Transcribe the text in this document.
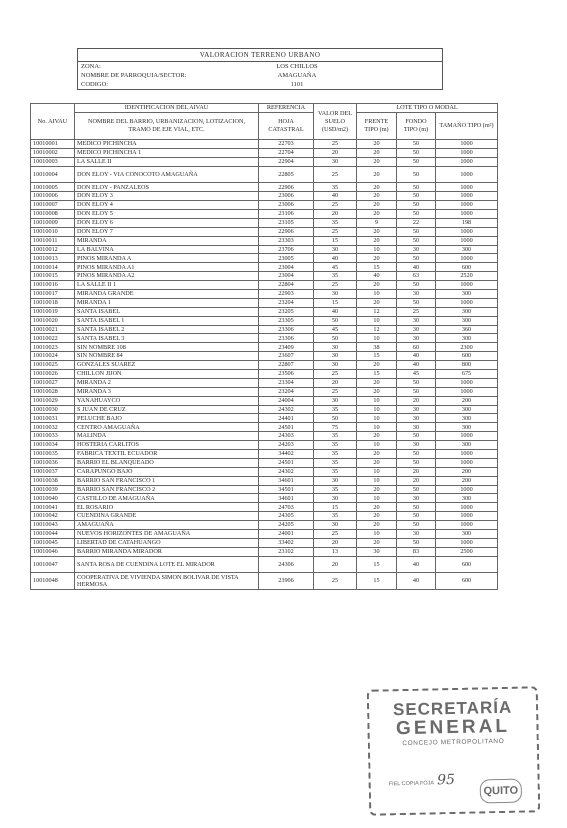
VALORACION TERRENO URBANO
ZONA:	LOS CHILLOS
NOMBRE DE PARROQUIA/SECTOR:	AMAGUAÑA
CODIGO:	1101
No. AIVAU	IDENTIFICACION DEL AIVAU	REFERENCIA	VALOR DEL SUELO (USD/m2)	LOTE TIPO O MODAL		
	NOMBRE DEL BARRIO, URBANIZACION, LOTIZACION, TRAMO DE EJE VIAL, ETC.	HOJA CATASTRAL		FRENTE TIPO (m)	FONDO TIPO (m)	TAMAÑO TIPO (m²)
10010001	MEDICO PICHINCHA	22703	25	20	50	1000
10010002	MEDICO PICHINCHA 1	22704	20	20	50	1000
10010003	LA SALLE II	22904	30	20	50	1000
10010004	DON ELOY - VIA CONOCOTO AMAGUAÑA	22805	25	20	50	1000
10010005	DON ELOY - PANZALEOS	22906	35	20	50	1000
10010006	DON ELOY 3	23006	40	20	50	1000
10010007	DON ELOY 4	23006	25	20	50	1000
10010008	DON ELOY 5	23106	20	20	50	1000
10010009	DON ELOY 6	23105	35	9	22	198
10010010	DON ELOY 7	22906	25	20	50	1000
10010011	MIRANDA	23303	15	20	50	1000
10010012	LA BALVINA	23706	30	10	30	300
10010013	PINOS MIRANDA A	23005	40	20	50	1000
10010014	PINOS MIRANDA A1	23004	45	15	40	600
10010015	PINOS MIRANDA A2	23004	35	40	63	2520
10010016	LA SALLE II 1	22804	25	20	50	1000
10010017	MIRANDA GRANDE	22903	30	10	30	300
10010018	MIRANDA 1	23204	15	20	50	1000
10010019	SANTA ISABEL	23205	40	12	25	300
10010020	SANTA ISABEL 1	23305	50	10	30	300
10010021	SANTA ISABEL 2	23306	45	12	30	360
10010022	SANTA ISABEL 3	23306	50	10	30	300
10010023	SIN NOMBRE 108	23409	30	38	60	2300
10010024	SIN NOMBRE 84	23607	30	15	40	600
10010025	GONZALES SUAREZ	22807	30	20	40	800
10010026	CHILLON JIJON	23506	25	15	45	675
10010027	MIRANDA 2	23304	20	20	50	1000
10010028	MIRANDA 3	23204	25	20	50	1000
10010029	YANAHUAYCO	24004	30	10	20	200
10010030	S JUAN DE CRUZ	24302	35	10	30	300
10010031	PELUCHE BAJO	24401	50	10	30	300
10010032	CENTRO AMAGUAÑA	24501	75	10	30	300
10010033	MALINDA	24303	35	20	50	1000
10010034	HOSTERIA CARLITOS	24203	35	10	30	300
10010035	FABRICA TEXTIL ECUADOR	34402	35	20	50	1000
10010036	BARRIO EL BLANQUEADO	24501	35	20	50	1000
10010037	CARAPUNGO BAJO	24302	35	10	20	200
10010038	BARRIO SAN FRANCISCO 1	34601	30	10	20	200
10010039	BARRIO SAN FRANCISCO 2	34501	35	20	50	1000
10010040	CASTILLO DE AMAGUAÑA	34601	30	10	30	300
10010041	EL ROSARIO	24703	15	20	50	1000
10010042	CUENDINA GRANDE	24305	35	20	50	1000
10010043	AMAGUAÑA	24205	30	20	50	1000
10010044	NUEVOS HORIZONTES DE AMAGUAÑA	24001	25	10	30	300
10010045	LIBERTAD DE CATAHUANGO	33402	20	20	50	1000
10010046	BARRIO MIRANDA MIRADOR	23102	13	30	83	2500
10010047	SANTA ROSA DE CUENDINA LOTE EL MIRADOR	24306	20	15	40	600
10010048	COOPERATIVA DE VIVIENDA SIMON BOLIVAR DE VISTA HERMOSA	23906	25	15	40	600
SECRETARÍA
GENERAL
CONCEJO METROPOLITANO
FIEL COPIA FOJA 95
QUITO
